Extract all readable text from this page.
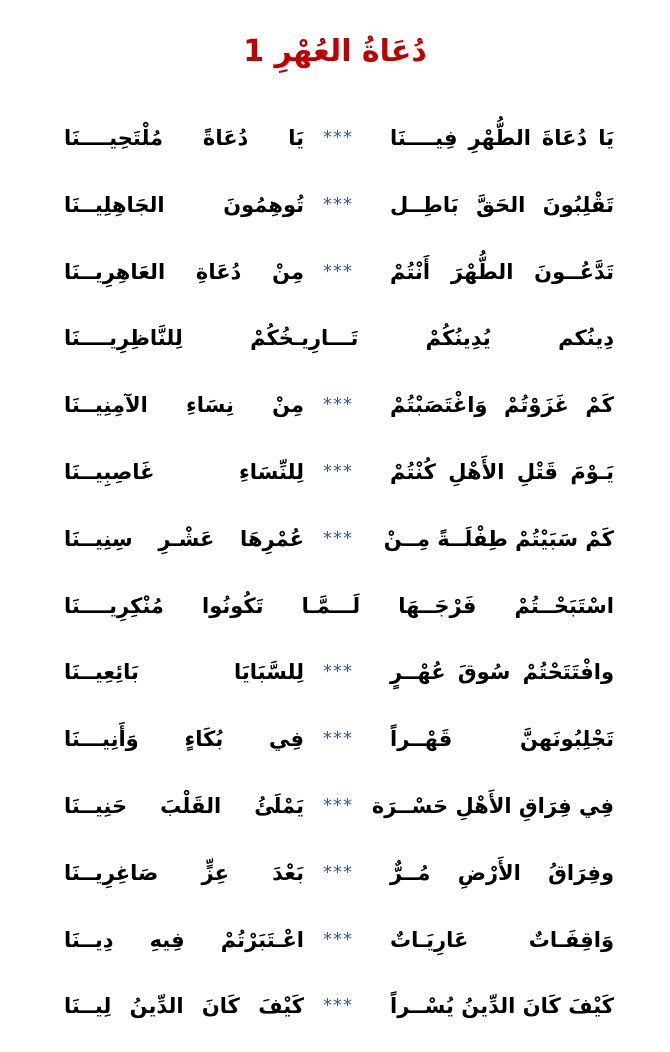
دُعَاةُ العُهْرِ 1
يَا دُعَاةَ الطُّهْرِ فِيــــنَا
***
يَا دُعَاةً مُلْتَحِيــــنَا
تَقْلِبُونَ الحَقَّ بَاطِــل
***
تُوهِمُونَ الجَاهِلِيــنَا
تَدَّعُــونَ الطُّهْرَ أَنْتُمْ
***
مِنْ دُعَاةِ العَاهِرِيــنَا
دِينُكم يُدِينُكُمْ تَـــارِيـخُكُمْ لِلنَّاظِرِيــــنَا
كَمْ غَزَوْتُمْ وَاغْتَصَبْتُمْ
***
مِنْ نِسَاءِ الآمِنِيــنَا
يَـوْمَ قَتْلِ الأَهْلِ كُنْتُمْ
***
لِلنِّسَاءِ غَاصِبِيــنَا
كَمْ سَبَيْتُمْ طِفْلَــةً مِــنْ
***
عُمْرِهَا عَشْـرِ سِنِيــنَا
اسْتَبَحْــتُمْ فَرْجَــهَا لَـــمَّـا تَكُونُوا مُنْكِرِيــــنَا
وافْتَتَحْتُمْ سُوقَ عُهْــرٍ
***
لِلسَّبَايَا بَائِعِيــنَا
تَجْلِبُونَهنَّ قَهْــراً
***
فِي بُكَاءٍ وَأَنِيـــنَا
فِي فِرَاقِ الأَهْلِ حَسْــرَة
***
يَمْلَئُ القَلْبَ حَنِيــنَا
وفِرَاقُ الأَرْضِ مُــرٌّ
***
بَعْدَ عِزٍّ صَاغِرِيــنَا
وَاقِفَـاتٌ عَارِيَـاتٌ
***
اعْـتَبَرْتُمْ فِيهِ دِيــنَا
كَيْفَ كَانَ الدِّينُ يُسْــراً
***
كَيْفَ كَانَ الدِّينُ لِيــنَا
